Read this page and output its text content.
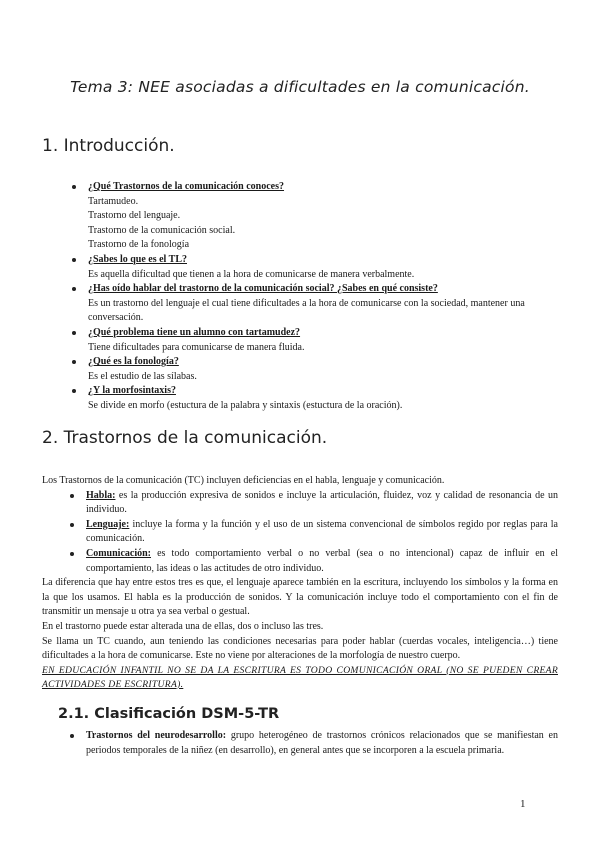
Tema 3: NEE asociadas a dificultades en la comunicación.
1. Introducción.
¿Qué Trastornos de la comunicación conoces?
Tartamudeo.
Trastorno del lenguaje.
Trastorno de la comunicación social.
Trastorno de la fonología
¿Sabes lo que es el TL?
Es aquella dificultad que tienen a la hora de comunicarse de manera verbalmente.
¿Has oído hablar del trastorno de la comunicación social? ¿Sabes en qué consiste?
Es un trastorno del lenguaje el cual tiene dificultades a la hora de comunicarse con la sociedad, mantener una conversación.
¿Qué problema tiene un alumno con tartamudez?
Tiene dificultades para comunicarse de manera fluida.
¿Qué es la fonología?
Es el estudio de las sílabas.
¿Y la morfosintaxis?
Se divide en morfo (estuctura de la palabra y sintaxis (estuctura de la oración).
2. Trastornos de la comunicación.
Los Trastornos de la comunicación (TC) incluyen deficiencias en el habla, lenguaje y comunicación.
Habla: es la producción expresiva de sonidos e incluye la articulación, fluidez, voz y calidad de resonancia de un individuo.
Lenguaje: incluye la forma y la función y el uso de un sistema convencional de símbolos regido por reglas para la comunicación.
Comunicación: es todo comportamiento verbal o no verbal (sea o no intencional) capaz de influir en el comportamiento, las ideas o las actitudes de otro individuo.
La diferencia que hay entre estos tres es que, el lenguaje aparece también en la escritura, incluyendo los símbolos y la forma en la que los usamos. El habla es la producción de sonidos. Y la comunicación incluye todo el comportamiento con el fin de transmitir un mensaje u otra ya sea verbal o gestual.
En el trastorno puede estar alterada una de ellas, dos o incluso las tres.
Se llama un TC cuando, aun teniendo las condiciones necesarias para poder hablar (cuerdas vocales, inteligencia…) tiene dificultades a la hora de comunicarse. Este no viene por alteraciones de la morfología de nuestro cuerpo.
EN EDUCACIÓN INFANTIL NO SE DA LA ESCRITURA ES TODO COMUNICACIÓN ORAL (NO SE PUEDEN CREAR ACTIVIDADES DE ESCRITURA).
2.1. Clasificación DSM-5-TR
Trastornos del neurodesarrollo: grupo heterogéneo de trastornos crónicos relacionados que se manifiestan en periodos temporales de la niñez (en desarrollo), en general antes que se incorporen a la escuela primaria.
1
